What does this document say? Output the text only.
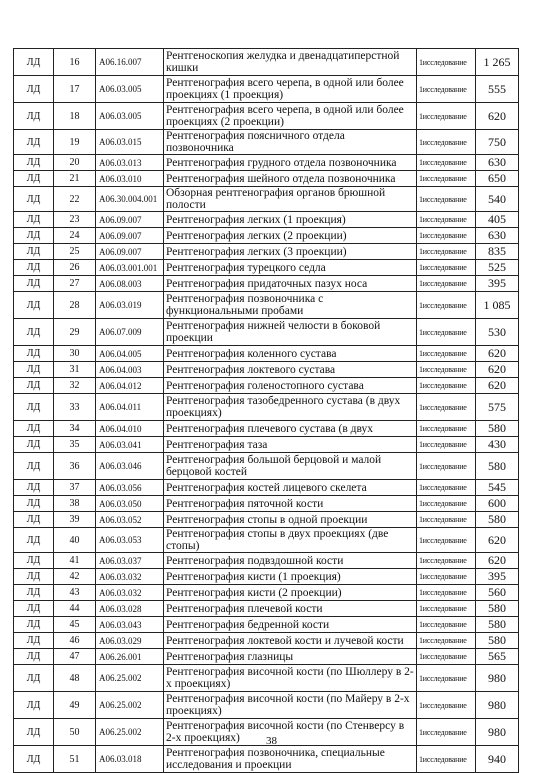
ЛД	16	A06.16.007	Рентгеноскопия желудка и двенадцатиперстной кишки	1исследование	1 265
ЛД	17	A06.03.005	Рентгенография всего черепа, в одной или более проекциях (1 проекция)	1исследование	555
ЛД	18	A06.03.005	Рентгенография всего черепа, в одной или более проекциях (2 проекции)	1исследование	620
ЛД	19	A06.03.015	Рентгенография поясничного отдела позвоночника	1исследование	750
ЛД	20	A06.03.013	Рентгенография грудного отдела позвоночника	1исследование	630
ЛД	21	A06.03.010	Рентгенография шейного отдела позвоночника	1исследование	650
ЛД	22	A06.30.004.001	Обзорная рентгенография органов брюшной полости	1исследование	540
ЛД	23	A06.09.007	Рентгенография легких (1 проекция)	1исследование	405
ЛД	24	A06.09.007	Рентгенография легких (2 проекции)	1исследование	630
ЛД	25	A06.09.007	Рентгенография легких (3 проекции)	1исследование	835
ЛД	26	A06.03.001.001	Рентгенография турецкого седла	1исследование	525
ЛД	27	A06.08.003	Рентгенография придаточных пазух носа	1исследование	395
ЛД	28	A06.03.019	Рентгенография позвоночника с функциональными пробами	1исследование	1 085
ЛД	29	A06.07.009	Рентгенография нижней челюсти в боковой проекции	1исследование	530
ЛД	30	A06.04.005	Рентгенография коленного сустава	1исследование	620
ЛД	31	A06.04.003	Рентгенография локтевого сустава	1исследование	620
ЛД	32	A06.04.012	Рентгенография голеностопного сустава	1исследование	620
ЛД	33	A06.04.011	Рентгенография тазобедренного сустава (в двух проекциях)	1исследование	575
ЛД	34	A06.04.010	Рентгенография плечевого сустава (в двух	1исследование	580
ЛД	35	A06.03.041	Рентгенография таза	1исследование	430
ЛД	36	A06.03.046	Рентгенография большой берцовой и малой берцовой костей	1исследование	580
ЛД	37	A06.03.056	Рентгенография костей лицевого скелета	1исследование	545
ЛД	38	A06.03.050	Рентгенография пяточной кости	1исследование	600
ЛД	39	A06.03.052	Рентгенография стопы в одной проекции	1исследование	580
ЛД	40	A06.03.053	Рентгенография стопы в двух проекциях (две стопы)	1исследование	620
ЛД	41	A06.03.037	Рентгенография подвздошной кости	1исследование	620
ЛД	42	A06.03.032	Рентгенография кисти (1 проекция)	1исследование	395
ЛД	43	A06.03.032	Рентгенография кисти (2 проекции)	1исследование	560
ЛД	44	A06.03.028	Рентгенография плечевой кости	1исследование	580
ЛД	45	A06.03.043	Рентгенография бедренной кости	1исследование	580
ЛД	46	A06.03.029	Рентгенография локтевой кости и лучевой кости	1исследование	580
ЛД	47	A06.26.001	Рентгенография глазницы	1исследование	565
ЛД	48	A06.25.002	Рентгенография височной кости (по Шюллеру в 2-х проекциях)	1исследование	980
ЛД	49	A06.25.002	Рентгенография височной кости (по Майеру в 2-х проекциях)	1исследование	980
ЛД	50	A06.25.002	Рентгенография височной кости (по Стенверсу в 2-х проекциях)	1исследование	980
ЛД	51	A06.03.018	Рентгенография позвоночника, специальные исследования и проекции	1исследование	940
38
